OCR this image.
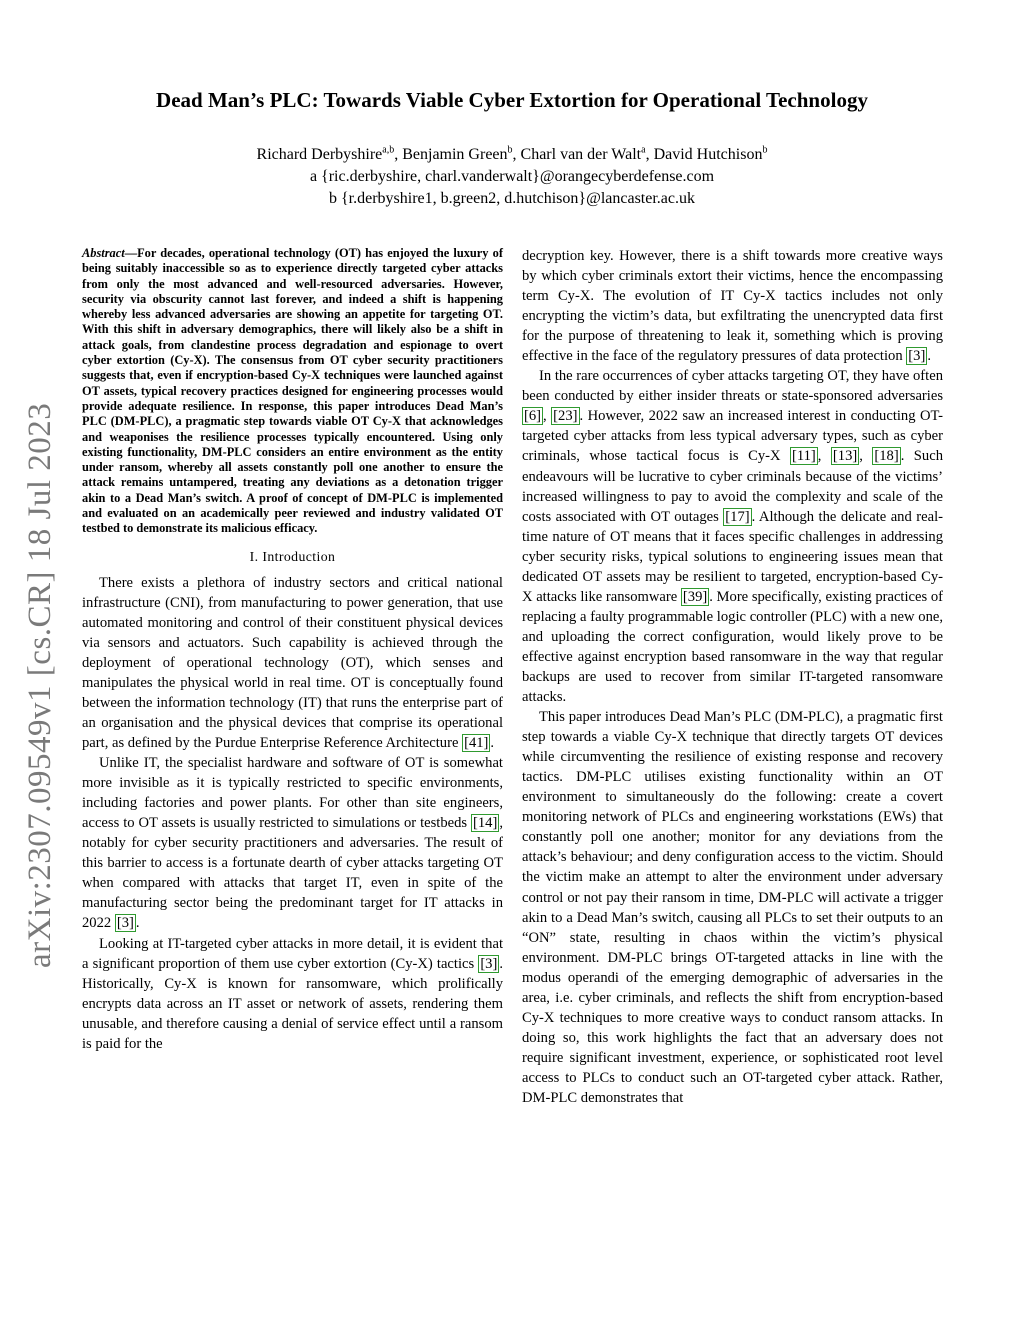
arXiv:2307.09549v1 [cs.CR] 18 Jul 2023
Dead Man’s PLC: Towards Viable Cyber Extortion for Operational Technology
Richard Derbyshire$^{a,b}$, Benjamin Green$^b$, Charl van der Walt$^a$, David Hutchison$^b$
a {ric.derbyshire, charl.vanderwalt}@orangecyberdefense.com
b {r.derbyshire1, b.green2, d.hutchison}@lancaster.ac.uk
Abstract—For decades, operational technology (OT) has enjoyed the luxury of being suitably inaccessible so as to experience directly targeted cyber attacks from only the most advanced and well-resourced adversaries. However, security via obscurity cannot last forever, and indeed a shift is happening whereby less advanced adversaries are showing an appetite for targeting OT. With this shift in adversary demographics, there will likely also be a shift in attack goals, from clandestine process degradation and espionage to overt cyber extortion (Cy-X). The consensus from OT cyber security practitioners suggests that, even if encryption-based Cy-X techniques were launched against OT assets, typical recovery practices designed for engineering processes would provide adequate resilience. In response, this paper introduces Dead Man’s PLC (DM-PLC), a pragmatic step towards viable OT Cy-X that acknowledges and weaponises the resilience processes typically encountered. Using only existing functionality, DM-PLC considers an entire environment as the entity under ransom, whereby all assets constantly poll one another to ensure the attack remains untampered, treating any deviations as a detonation trigger akin to a Dead Man’s switch. A proof of concept of DM-PLC is implemented and evaluated on an academically peer reviewed and industry validated OT testbed to demonstrate its malicious efficacy.
I. Introduction

There exists a plethora of industry sectors and critical national infrastructure (CNI), from manufacturing to power generation, that use automated monitoring and control of their constituent physical devices via sensors and actuators. Such capability is achieved through the deployment of operational technology (OT), which senses and manipulates the physical world in real time. OT is conceptually found between the information technology (IT) that runs the enterprise part of an organisation and the physical devices that comprise its operational part, as defined by the Purdue Enterprise Reference Architecture [41] .

Unlike IT, the specialist hardware and software of OT is somewhat more invisible as it is typically restricted to specific environments, including factories and power plants. For other than site engineers, access to OT assets is usually restricted to simulations or testbeds [14] , notably for cyber security practitioners and adversaries. The result of this barrier to access is a fortunate dearth of cyber attacks targeting OT when compared with attacks that target IT, even in spite of the manufacturing sector being the predominant target for IT attacks in 2022 [3] .

Looking at IT-targeted cyber attacks in more detail, it is evident that a significant proportion of them use cyber extortion (Cy-X) tactics [3] . Historically, Cy-X is known for ransomware, which prolifically encrypts data across an IT asset or network of assets, rendering them unusable, and therefore causing a denial of service effect until a ransom is paid for the

decryption key. However, there is a shift towards more creative ways by which cyber criminals extort their victims, hence the encompassing term Cy-X. The evolution of IT Cy-X tactics includes not only encrypting the victim’s data, but exfiltrating the unencrypted data first for the purpose of threatening to leak it, something which is proving effective in the face of the regulatory pressures of data protection [3] .

In the rare occurrences of cyber attacks targeting OT, they have often been conducted by either insider threats or state-sponsored adversaries [6] , [23] . However, 2022 saw an increased interest in conducting OT-targeted cyber attacks from less typical adversary types, such as cyber criminals, whose tactical focus is Cy-X [11] , [13] , [18] . Such endeavours will be lucrative to cyber criminals because of the victims’ increased willingness to pay to avoid the complexity and scale of the costs associated with OT outages [17] . Although the delicate and real-time nature of OT means that it faces specific challenges in addressing cyber security risks, typical solutions to engineering issues mean that dedicated OT assets may be resilient to targeted, encryption-based Cy-X attacks like ransomware [39] . More specifically, existing practices of replacing a faulty programmable logic controller (PLC) with a new one, and uploading the correct configuration, would likely prove to be effective against encryption based ransomware in the way that regular backups are used to recover from similar IT-targeted ransomware attacks.

This paper introduces Dead Man’s PLC (DM-PLC), a pragmatic first step towards a viable Cy-X technique that directly targets OT devices while circumventing the resilience of existing response and recovery tactics. DM-PLC utilises existing functionality within an OT environment to simultaneously do the following: create a covert monitoring network of PLCs and engineering workstations (EWs) that constantly poll one another; monitor for any deviations from the attack’s behaviour; and deny configuration access to the victim. Should the victim make an attempt to alter the environment under adversary control or not pay their ransom in time, DM-PLC will activate a trigger akin to a Dead Man’s switch, causing all PLCs to set their outputs to an “ON” state, resulting in chaos within the victim’s physical environment. DM-PLC brings OT-targeted attacks in line with the modus operandi of the emerging demographic of adversaries in the area, i.e. cyber criminals, and reflects the shift from encryption-based Cy-X techniques to more creative ways to conduct ransom attacks. In doing so, this work highlights the fact that an adversary does not require significant investment, experience, or sophisticated root level access to PLCs to conduct such an OT-targeted cyber attack. Rather, DM-PLC demonstrates that
